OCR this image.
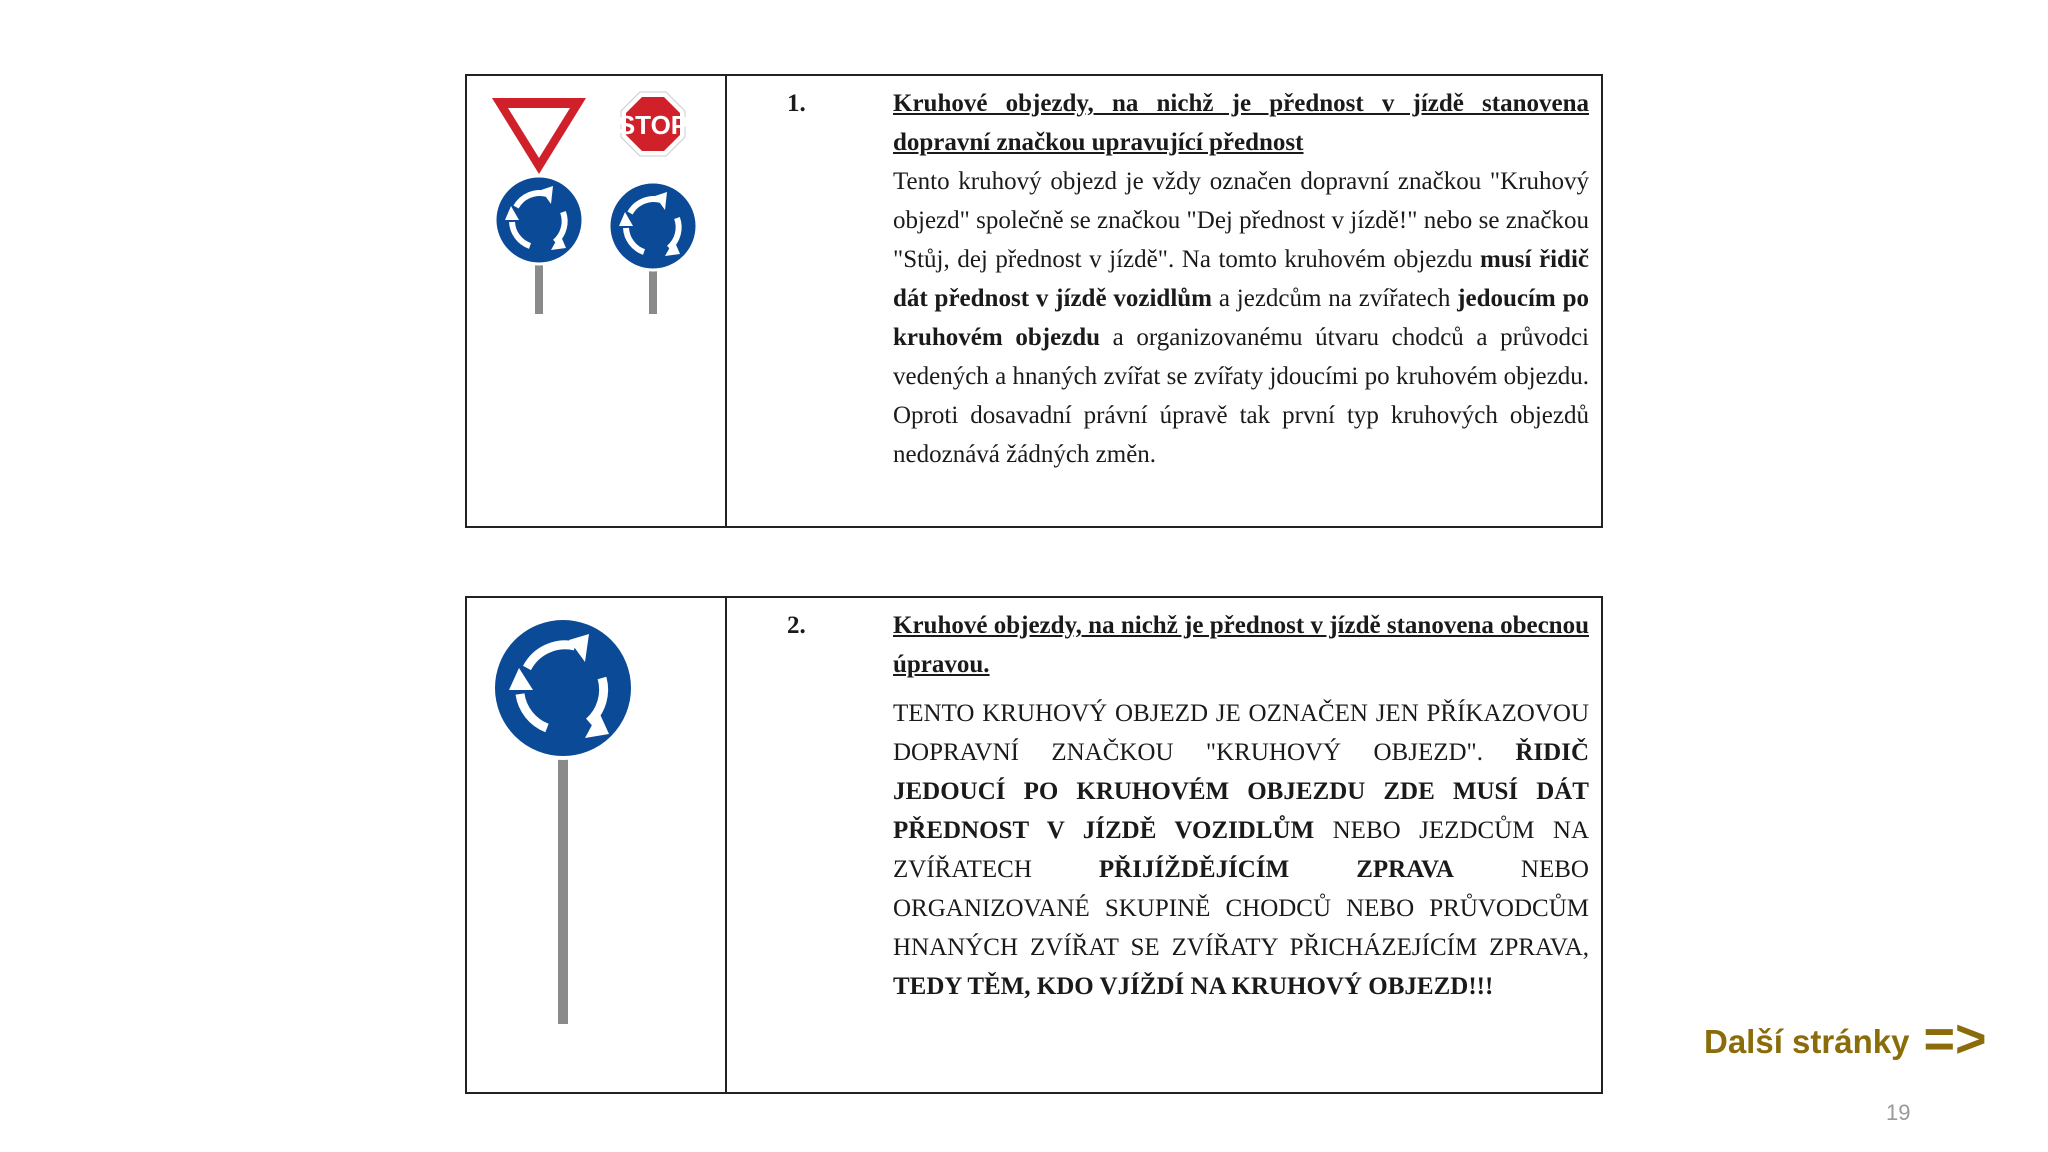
STOP
1.	Kruhové objezdy, na nichž je přednost v jízdě stanovena dopravní značkou upravující přednost
Tento kruhový objezd je vždy označen dopravní značkou "Kruhový objezd" společně se značkou "Dej přednost v jízdě!" nebo se značkou "Stůj, dej přednost v jízdě". Na tomto kruhovém objezdu musí řidič dát přednost v jízdě vozidlům a jezdcům na zvířatech jedoucím po kruhovém objezdu a organizovanému útvaru chodců a průvodci vedených a hnaných zvířat se zvířaty jdoucími po kruhovém objezdu. Oproti dosavadní právní úpravě tak první typ kruhových objezdů nedoznává žádných změn.
2.	Kruhové objezdy, na nichž je přednost v jízdě stanovena obecnou úpravou.
TENTO KRUHOVÝ OBJEZD JE OZNAČEN JEN PŘÍKAZOVOU DOPRAVNÍ ZNAČKOU "KRUHOVÝ OBJEZD". ŘIDIČ JEDOUCÍ PO KRUHOVÉM OBJEZDU ZDE MUSÍ DÁT PŘEDNOST V JÍZDĚ VOZIDLŮM NEBO JEZDCŮM NA ZVÍŘATECH PŘIJÍŽDĚJÍCÍM ZPRAVA NEBO ORGANIZOVANÉ SKUPINĚ CHODCŮ NEBO PRŮVODCŮM HNANÝCH ZVÍŘAT SE ZVÍŘATY PŘICHÁZEJÍCÍM ZPRAVA, TEDY TĚM, KDO VJÍŽDÍ NA KRUHOVÝ OBJEZD!!!
Další stránky =>
19
